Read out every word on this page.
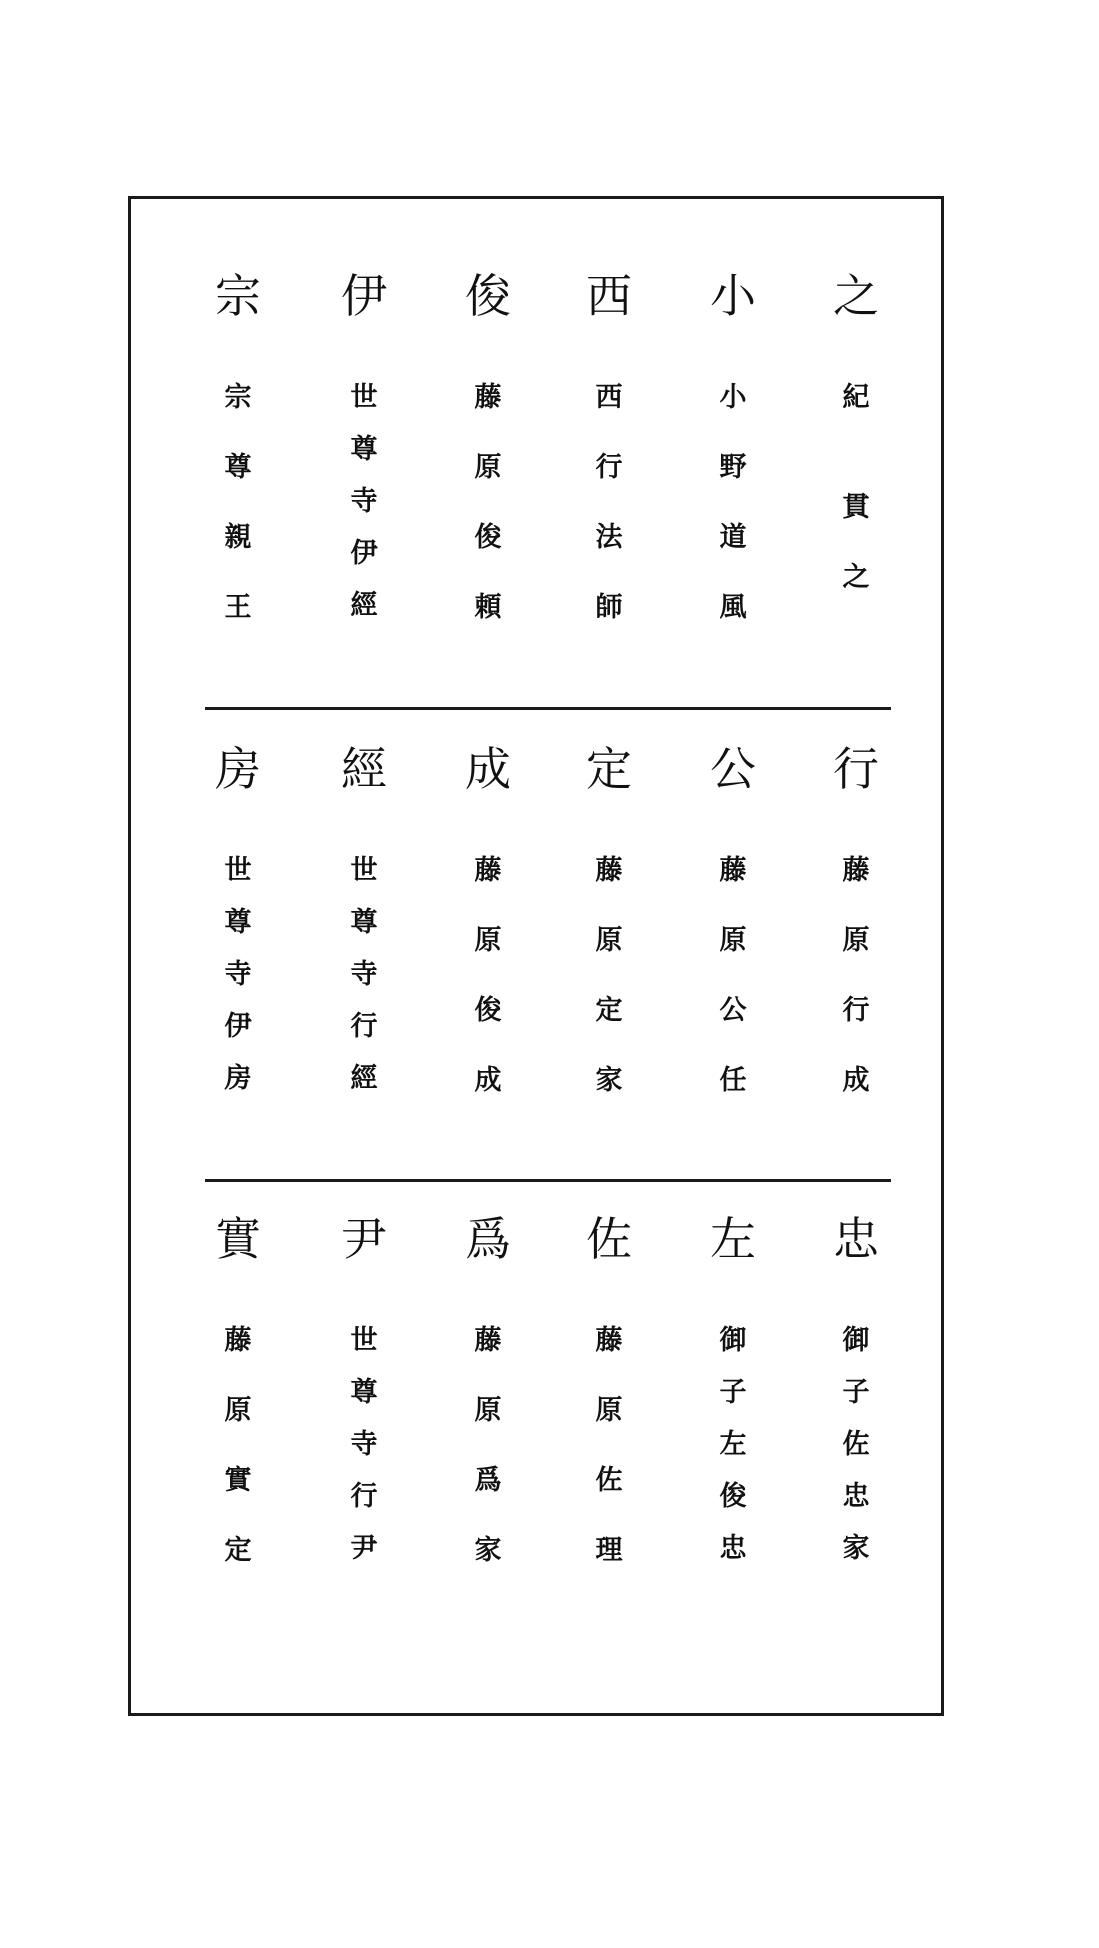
之
紀
貫
之
小
小
野
道
風
西
西
行
法
師
俊
藤
原
俊
頼
伊
世
尊
寺
伊
經
宗
宗
尊
親
王
行
藤
原
行
成
公
藤
原
公
任
定
藤
原
定
家
成
藤
原
俊
成
經
世
尊
寺
行
經
房
世
尊
寺
伊
房
忠
御
子
佐
忠
家
左
御
子
左
俊
忠
佐
藤
原
佐
理
爲
藤
原
爲
家
尹
世
尊
寺
行
尹
實
藤
原
實
定
